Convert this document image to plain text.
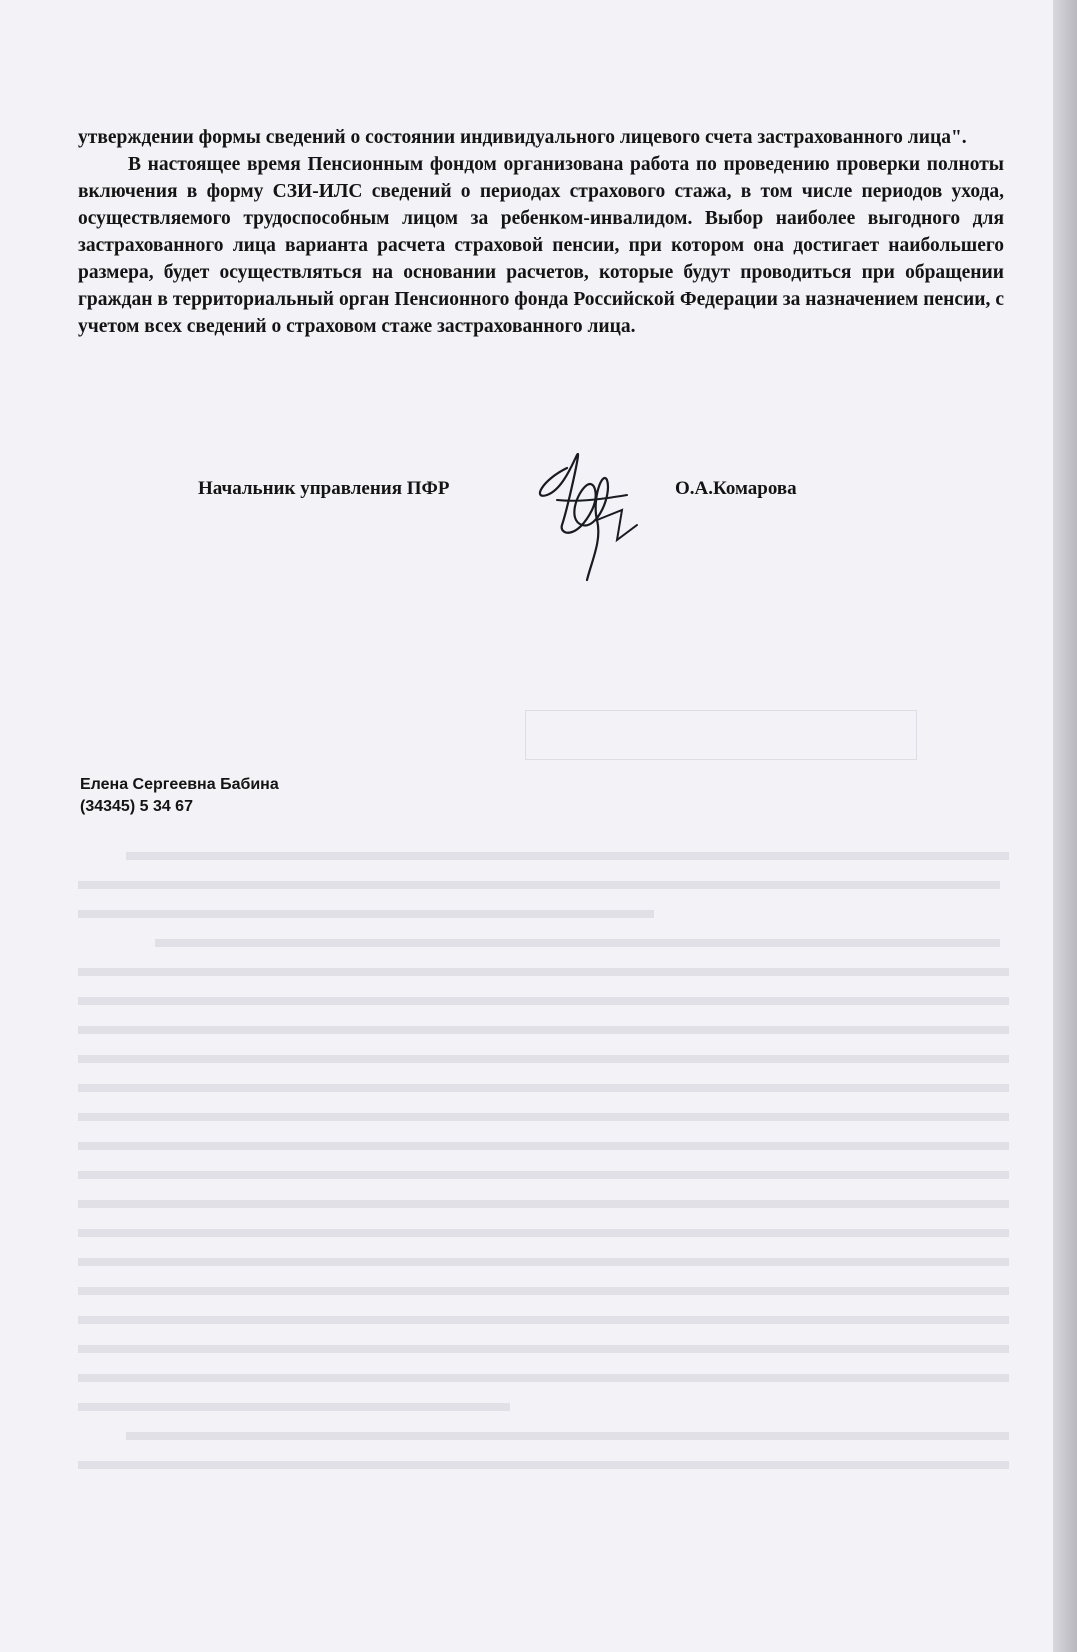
утверждении формы сведений о состоянии индивидуального лицевого счета застрахованного лица".

В настоящее время Пенсионным фондом организована работа по проведению проверки полноты включения в форму СЗИ-ИЛС сведений о периодах страхового стажа, в том числе периодов ухода, осуществляемого трудоспособным лицом за ребенком-инвалидом. Выбор наиболее выгодного для застрахованного лица варианта расчета страховой пенсии, при котором она достигает наибольшего размера, будет осуществляться на основании расчетов, которые будут проводиться при обращении граждан в территориальный орган Пенсионного фонда Российской Федерации за назначением пенсии, с учетом всех сведений о страховом стаже застрахованного лица.

Начальник управления ПФР	О.А.Комарова
Елена Сергеевна Бабина
(34345) 5 34 67
